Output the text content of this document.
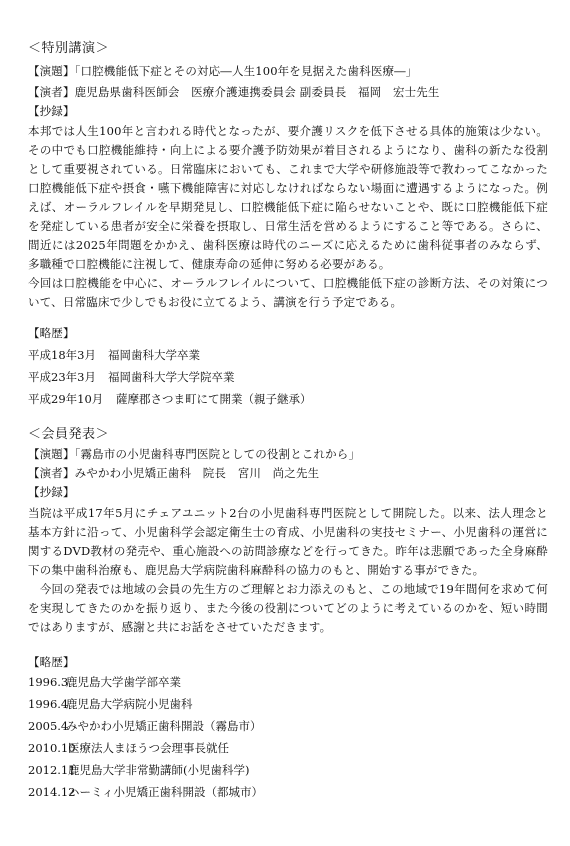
＜特別講演＞
【演題】「口腔機能低下症とその対応―人生100年を見据えた歯科医療―」
【演者】鹿児島県歯科医師会　医療介護連携委員会 副委員長　福岡　宏士先生
【抄録】
本邦では人生100年と言われる時代となったが、要介護リスクを低下させる具体的施策は少ない。その中でも口腔機能維持・向上による要介護予防効果が着目されるようになり、歯科の新たな役割として重要視されている。日常臨床においても、これまで大学や研修施設等で教わってこなかった口腔機能低下症や摂食・嚥下機能障害に対応しなければならない場面に遭遇するようになった。例えば、オーラルフレイルを早期発見し、口腔機能低下症に陥らせないことや、既に口腔機能低下症を発症している患者が安全に栄養を摂取し、日常生活を営めるようにすること等である。さらに、間近には2025年問題をかかえ、歯科医療は時代のニーズに応えるために歯科従事者のみならず、多職種で口腔機能に注視して、健康寿命の延伸に努める必要がある。
今回は口腔機能を中心に、オーラルフレイルについて、口腔機能低下症の診断方法、その対策について、日常臨床で少しでもお役に立てるよう、講演を行う予定である。
【略歴】
平成18年3月 福岡歯科大学卒業
平成23年3月 福岡歯科大学大学院卒業
平成29年10月 薩摩郡さつま町にて開業（親子継承）
＜会員発表＞
【演題】「霧島市の小児歯科専門医院としての役割とこれから」
【演者】みやかわ小児矯正歯科　院長　宮川　尚之先生
【抄録】
当院は平成17年5月にチェアユニット2台の小児歯科専門医院として開院した。以来、法人理念と基本方針に沿って、小児歯科学会認定衛生士の育成、小児歯科の実技セミナー、小児歯科の運営に関するDVD教材の発売や、重心施設への訪問診療などを行ってきた。昨年は悲願であった全身麻酔下の集中歯科治療も、鹿児島大学病院歯科麻酔科の協力のもと、開始する事ができた。
　今回の発表では地域の会員の先生方のご理解とお力添えのもと、この地域で19年間何を求めて何を実現してきたのかを振り返り、また今後の役割についてどのように考えているのかを、短い時間ではありますが、感謝と共にお話をさせていただきます。
【略歴】
1996.3鹿児島大学歯学部卒業
1996.4鹿児島大学病院小児歯科
2005.4みやかわ小児矯正歯科開設（霧島市）
2010.10医療法人まほうつ会理事長就任
2012.11鹿児島大学非常勤講師(小児歯科学)
2014.12ハーミィ小児矯正歯科開設（都城市）
